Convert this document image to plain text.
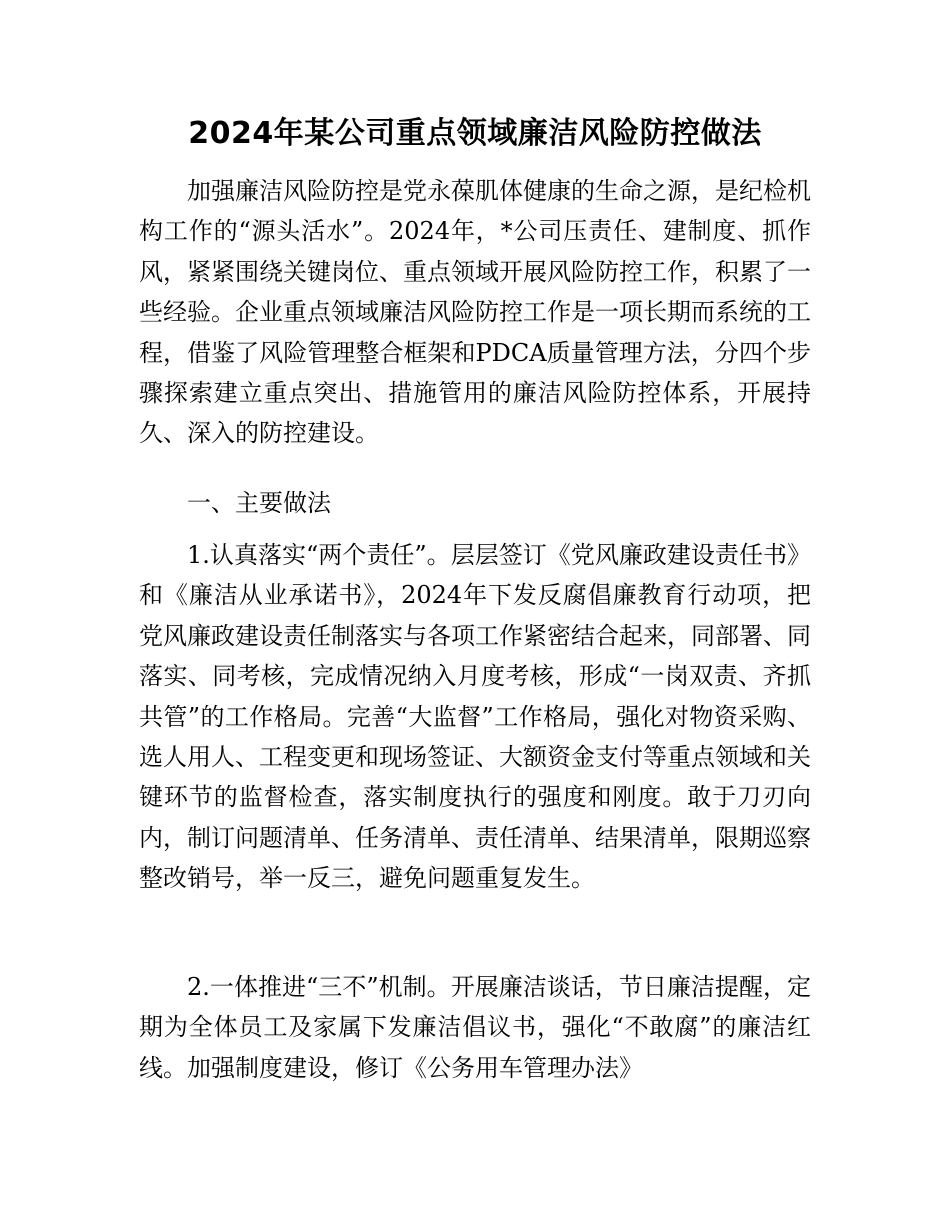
2024年某公司重点领域廉洁风险防控做法

加强廉洁风险防控是党永葆肌体健康的生命之源，是纪检机构工作的“源头活水”。2024年，*公司压责任、建制度、抓作风，紧紧围绕关键岗位、重点领域开展风险防控工作，积累了一些经验。企业重点领域廉洁风险防控工作是一项长期而系统的工程，借鉴了风险管理整合框架和PDCA质量管理方法，分四个步骤探索建立重点突出、措施管用的廉洁风险防控体系，开展持久、深入的防控建设。

一、主要做法

1.认真落实“两个责任”。层层签订《党风廉政建设责任书》和《廉洁从业承诺书》，2024年下发反腐倡廉教育行动项，把党风廉政建设责任制落实与各项工作紧密结合起来，同部署、同落实、同考核，完成情况纳入月度考核，形成“一岗双责、齐抓共管”的工作格局。完善“大监督”工作格局，强化对物资采购、选人用人、工程变更和现场签证、大额资金支付等重点领域和关键环节的监督检查，落实制度执行的强度和刚度。敢于刀刃向内，制订问题清单、任务清单、责任清单、结果清单，限期巡察整改销号，举一反三，避免问题重复发生。

2.一体推进“三不”机制。开展廉洁谈话，节日廉洁提醒，定期为全体员工及家属下发廉洁倡议书，强化“不敢腐”的廉洁红线。加强制度建设，修订《公务用车管理办法》
